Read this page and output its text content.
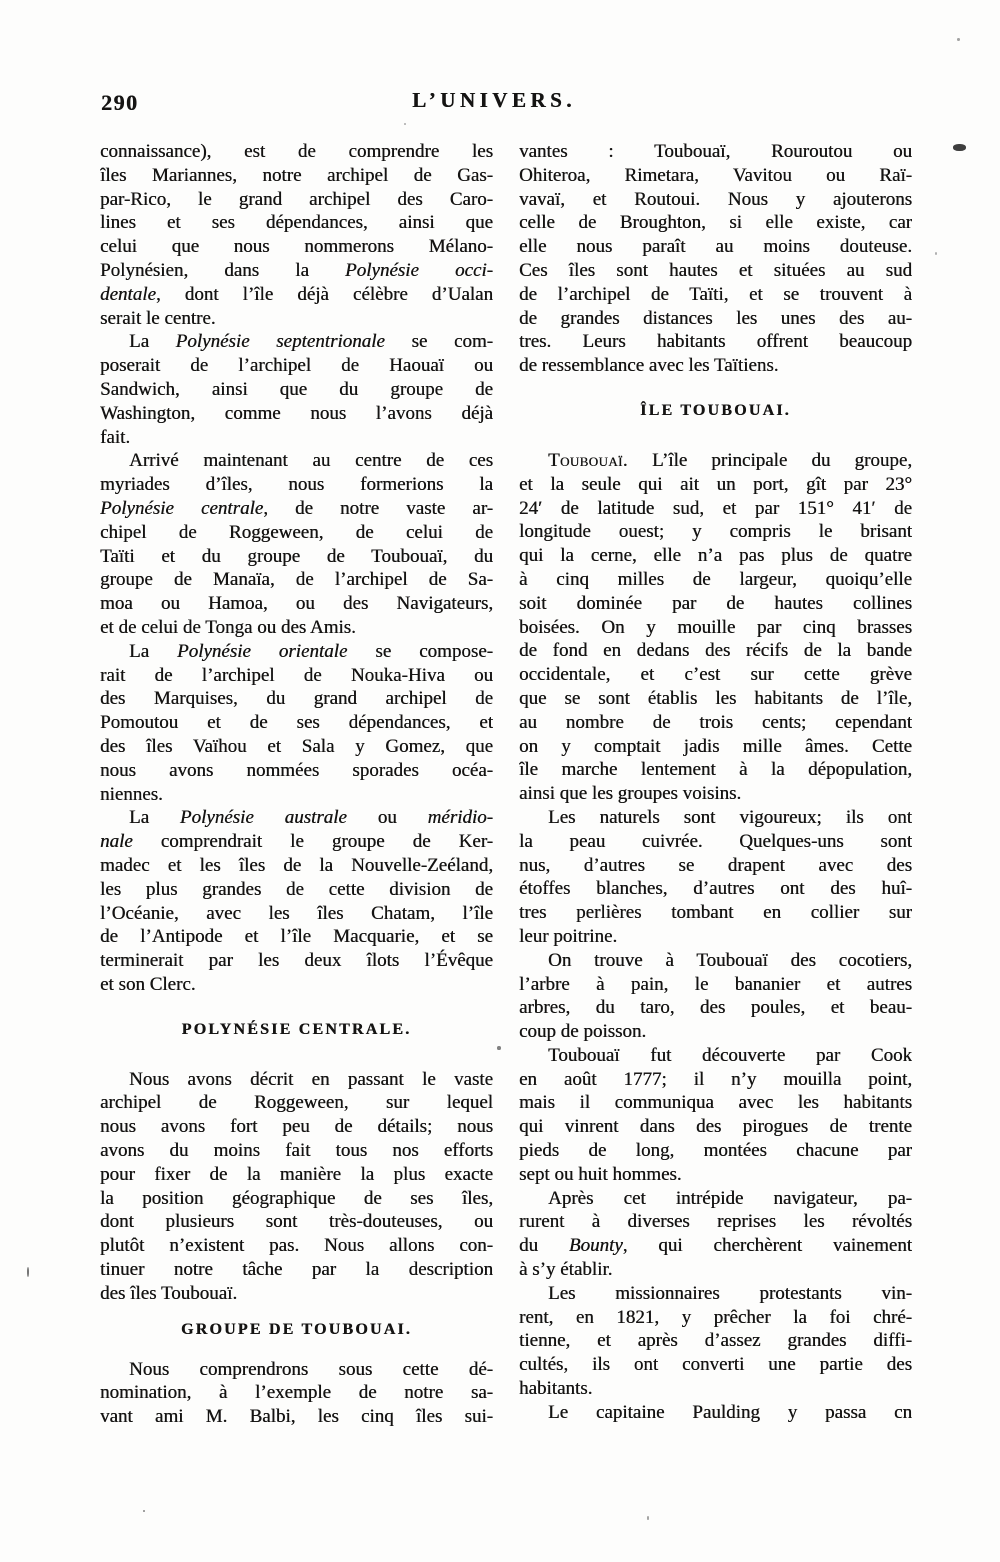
290	L’UNIVERS.
connaissance), est de comprendre les
îles Mariannes, notre archipel de Gas-
par-Rico, le grand archipel des Caro-
lines et ses dépendances, ainsi que
celui que nous nommerons Mélano-
Polynésien, dans la Polynésie occi-
dentale, dont l’île déjà célèbre d’Ualan
serait le centre.
La Polynésie septentrionale se com-
poserait de l’archipel de Haouaï ou
Sandwich, ainsi que du groupe de
Washington, comme nous l’avons déjà
fait.
Arrivé maintenant au centre de ces
myriades d’îles, nous formerions la
Polynésie centrale, de notre vaste ar-
chipel de Roggeween, de celui de
Taïti et du groupe de Toubouaï, du
groupe de Manaïa, de l’archipel de Sa-
moa ou Hamoa, ou des Navigateurs,
et de celui de Tonga ou des Amis.
La Polynésie orientale se compose-
rait de l’archipel de Nouka-Hiva ou
des Marquises, du grand archipel de
Pomoutou et de ses dépendances, et
des îles Vaïhou et Sala y Gomez, que
nous avons nommées sporades océa-
niennes.
La Polynésie australe ou méridio-
nale comprendrait le groupe de Ker-
madec et les îles de la Nouvelle-Zeéland,
les plus grandes de cette division de
l’Océanie, avec les îles Chatam, l’île
de l’Antipode et l’île Macquarie, et se
terminerait par les deux îlots l’Évêque
et son Clerc.
POLYNÉSIE CENTRALE.
Nous avons décrit en passant le vaste
archipel de Roggeween, sur lequel
nous avons fort peu de détails; nous
avons du moins fait tous nos efforts
pour fixer de la manière la plus exacte
la position géographique de ses îles,
dont plusieurs sont très-douteuses, ou
plutôt n’existent pas. Nous allons con-
tinuer notre tâche par la description
des îles Toubouaï.
GROUPE DE TOUBOUAI.
Nous comprendrons sous cette dé-
nomination, à l’exemple de notre sa-
vant ami M. Balbi, les cinq îles sui-
vantes : Toubouaï, Rouroutou ou
Ohiteroa, Rimetara, Vavitou ou Raï-
vavaï, et Routoui. Nous y ajouterons
celle de Broughton, si elle existe, car
elle nous paraît au moins douteuse.
Ces îles sont hautes et situées au sud
de l’archipel de Taïti, et se trouvent à
de grandes distances les unes des au-
tres. Leurs habitants offrent beaucoup
de ressemblance avec les Taïtiens.
ÎLE TOUBOUAI.
Toubouaï. L’île principale du groupe,
et la seule qui ait un port, gît par 23°
24′ de latitude sud, et par 151° 41′ de
longitude ouest; y compris le brisant
qui la cerne, elle n’a pas plus de quatre
à cinq milles de largeur, quoiqu’elle
soit dominée par de hautes collines
boisées. On y mouille par cinq brasses
de fond en dedans des récifs de la bande
occidentale, et c’est sur cette grève
que se sont établis les habitants de l’île,
au nombre de trois cents; cependant
on y comptait jadis mille âmes. Cette
île marche lentement à la dépopulation,
ainsi que les groupes voisins.
Les naturels sont vigoureux; ils ont
la peau cuivrée. Quelques-uns sont
nus, d’autres se drapent avec des
étoffes blanches, d’autres ont des huî-
tres perlières tombant en collier sur
leur poitrine.
On trouve à Toubouaï des cocotiers,
l’arbre à pain, le bananier et autres
arbres, du taro, des poules, et beau-
coup de poisson.
Toubouaï fut découverte par Cook
en août 1777; il n’y mouilla point,
mais il communiqua avec les habitants
qui vinrent dans des pirogues de trente
pieds de long, montées chacune par
sept ou huit hommes.
Après cet intrépide navigateur, pa-
rurent à diverses reprises les révoltés
du Bounty, qui cherchèrent vainement
à s’y établir.
Les missionnaires protestants vin-
rent, en 1821, y prêcher la foi chré-
tienne, et après d’assez grandes diffi-
cultés, ils ont converti une partie des
habitants.
Le capitaine Paulding y passa cn
